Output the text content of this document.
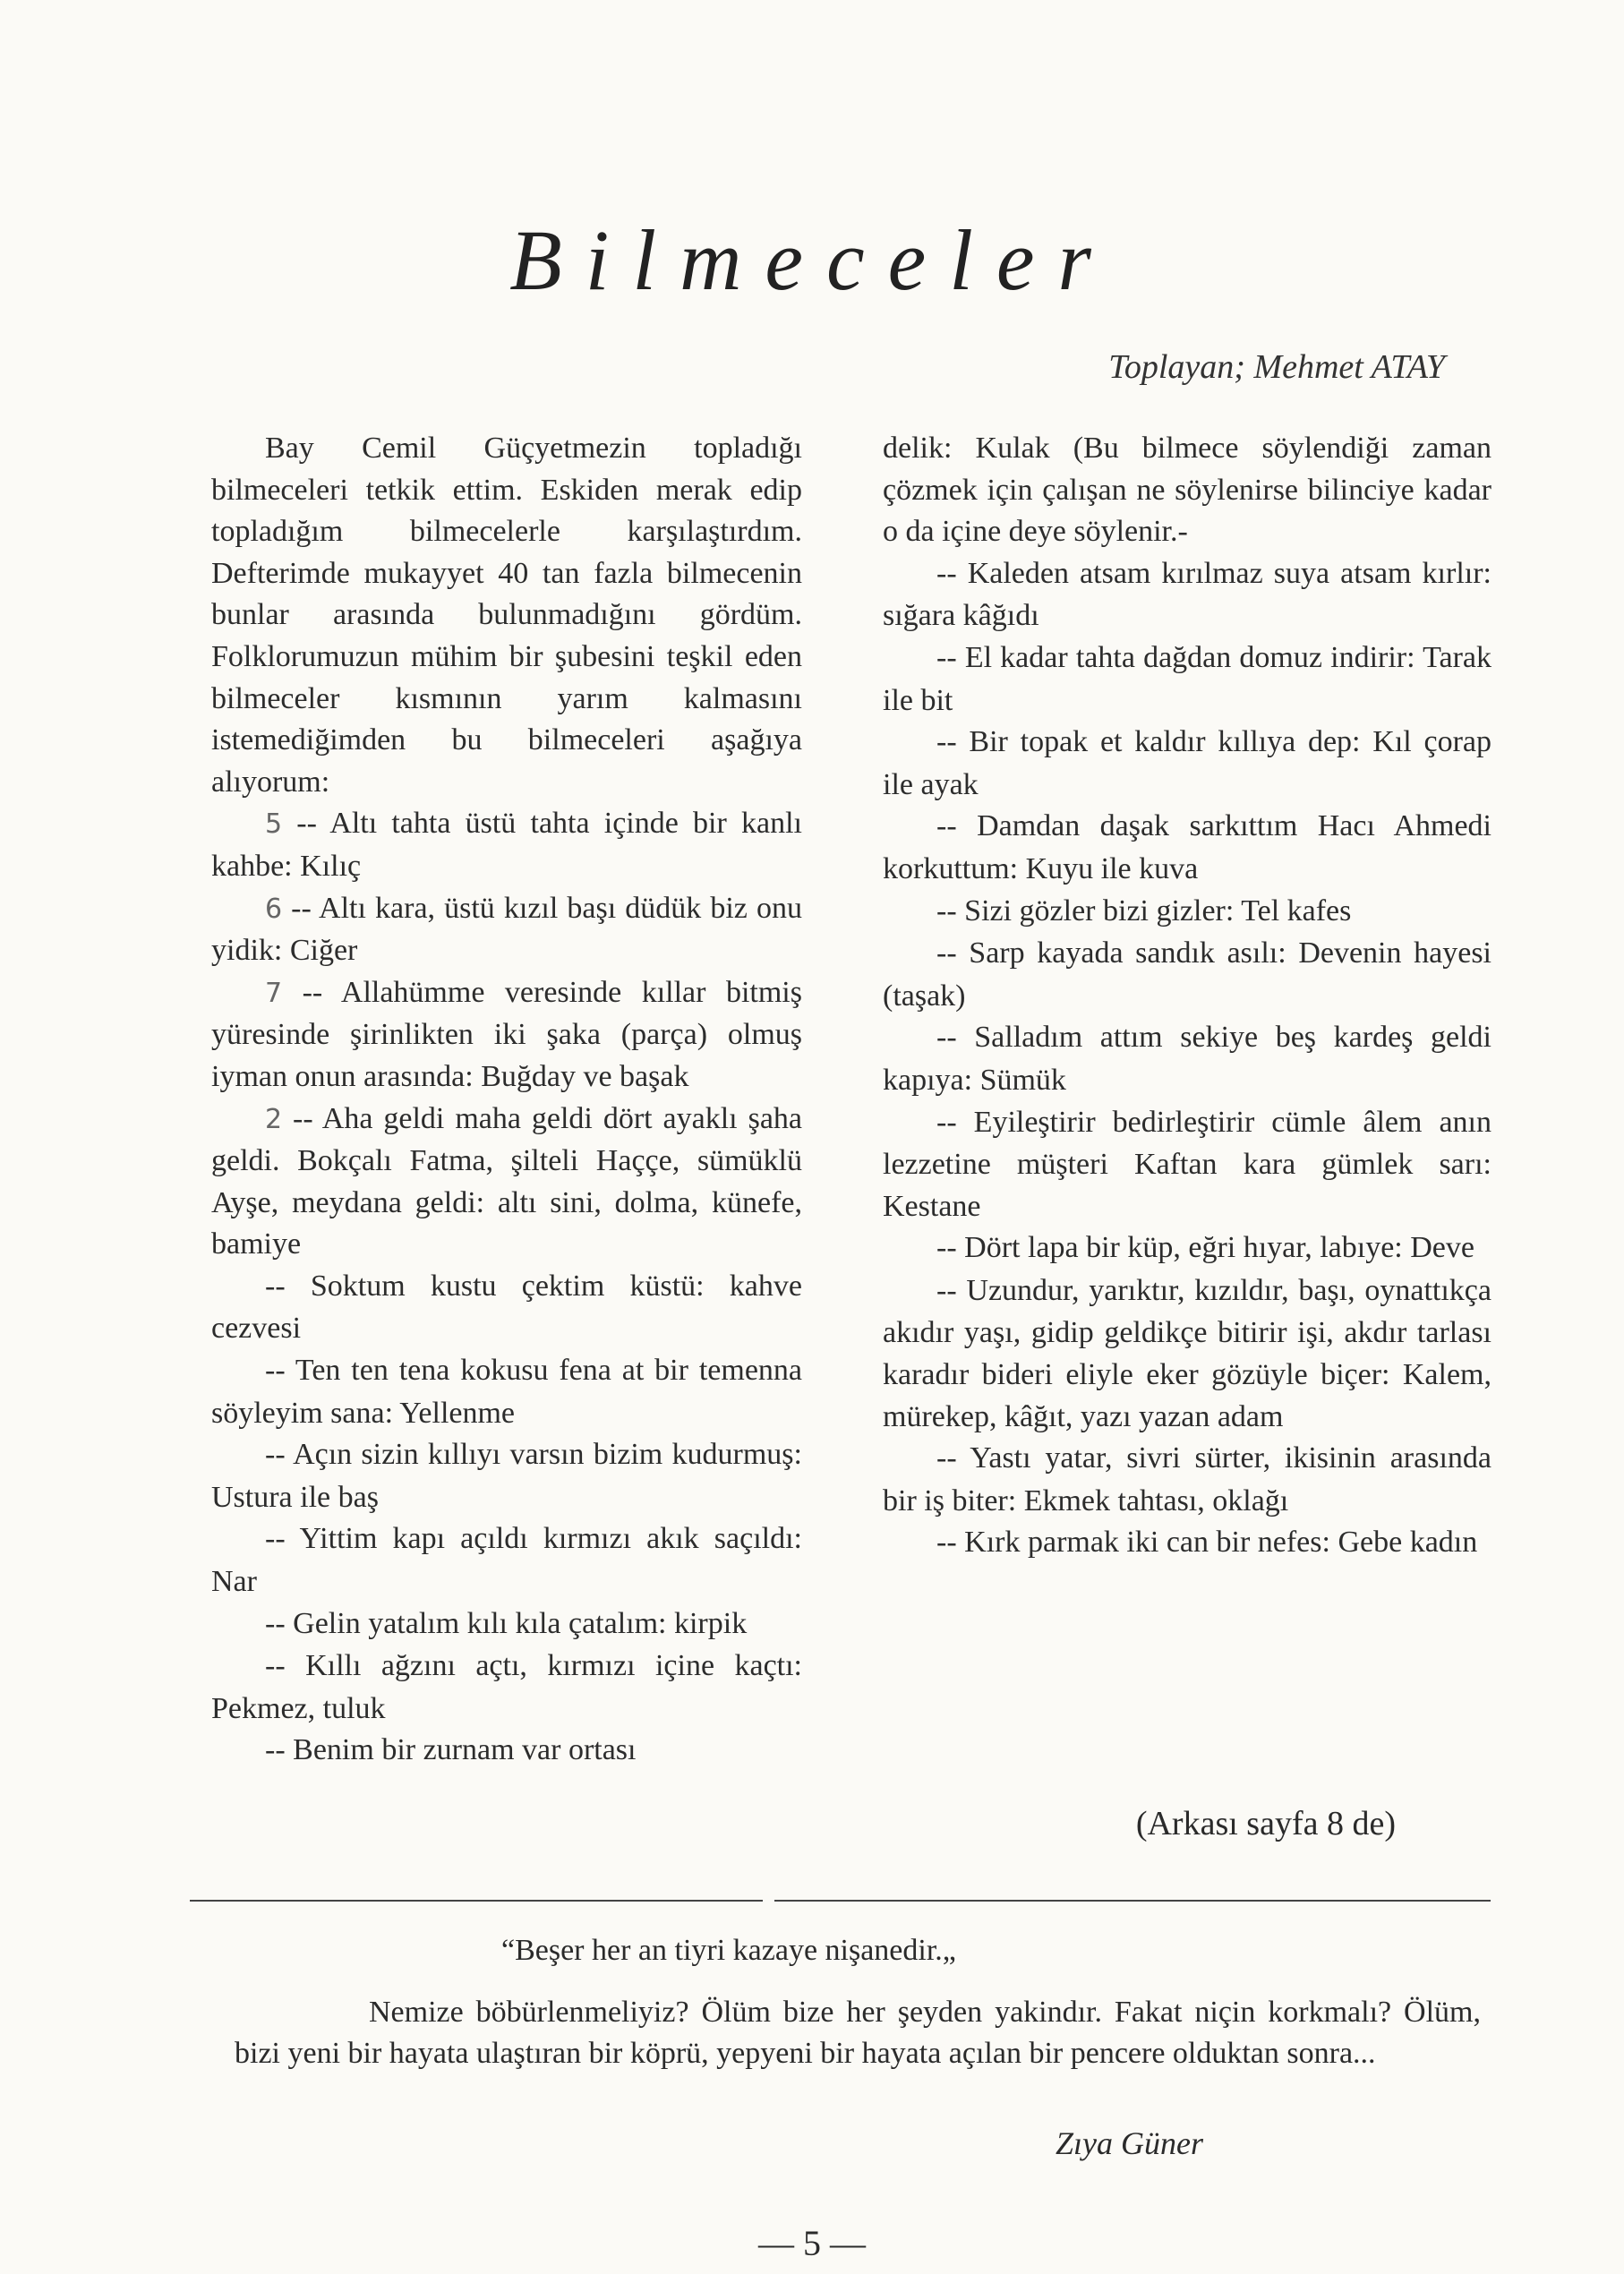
Bilmeceler
Toplayan; Mehmet ATAY

Bay Cemil Güçyetmezin topladığı bilmeceleri tetkik ettim. Eskiden merak edip topladığım bilmecelerle karşılaştırdım. Defterimde mukayyet 40 tan fazla bilmecenin bunlar arasında bulunmadığını gördüm. Folklorumuzun mühim bir şubesini teşkil eden bilmeceler kısmının yarım kalmasını istemediğimden bu bilmeceleri aşağıya alıyorum:

5 -- Altı tahta üstü tahta içinde bir kanlı kahbe: Kılıç

6 -- Altı kara, üstü kızıl başı düdük biz onu yidik: Ciğer

7 -- Allahümme veresinde kıllar bitmiş yüresinde şirinlikten iki şaka (parça) olmuş iyman onun arasında: Buğday ve başak

2 -- Aha geldi maha geldi dört ayaklı şaha geldi. Bokçalı Fatma, şilteli Haççe, sümüklü Ayşe, meydana geldi: altı sini, dolma, künefe, bamiye

-- Soktum kustu çektim küstü: kahve cezvesi

-- Ten ten tena kokusu fena at bir temenna söyleyim sana: Yellenme

-- Açın sizin kıllıyı varsın bizim kudurmuş: Ustura ile baş

-- Yittim kapı açıldı kırmızı akık saçıldı: Nar

-- Gelin yatalım kılı kıla çatalım: kirpik

-- Kıllı ağzını açtı, kırmızı içine kaçtı: Pekmez, tuluk

-- Benim bir zurnam var ortası

delik: Kulak (Bu bilmece söylendiği zaman çözmek için çalışan ne söylenirse bilinciye kadar o da içine deye söylenir.-

-- Kaleden atsam kırılmaz suya atsam kırlır: sığara kâğıdı

-- El kadar tahta dağdan domuz indirir: Tarak ile bit

-- Bir topak et kaldır kıllıya dep: Kıl çorap ile ayak

-- Damdan daşak sarkıttım Hacı Ahmedi korkuttum: Kuyu ile kuva

-- Sizi gözler bizi gizler: Tel kafes

-- Sarp kayada sandık asılı: Devenin hayesi (taşak)

-- Salladım attım sekiye beş kardeş geldi kapıya: Sümük

-- Eyileştirir bedirleştirir cümle âlem anın lezzetine müşteri Kaftan kara gümlek sarı: Kestane

-- Dört lapa bir küp, eğri hıyar, labıye: Deve

-- Uzundur, yarıktır, kızıldır, başı, oynattıkça akıdır yaşı, gidip geldikçe bitirir işi, akdır tarlası karadır bideri eliyle eker gözüyle biçer: Kalem, mürekep, kâğıt, yazı yazan adam

-- Yastı yatar, sivri sürter, ikisinin arasında bir iş biter: Ekmek tahtası, oklağı

-- Kırk parmak iki can bir nefes: Gebe kadın

(Arkası sayfa 8 de)
“Beşer her an tiyri kazaye nişanedir.„
Nemize böbürlenmeliyiz? Ölüm bize her şeyden yakindır. Fakat niçin korkmalı? Ölüm, bizi yeni bir hayata ulaştıran bir köprü, yepyeni bir hayata açılan bir pencere olduktan sonra...
Zıya Güner
— 5 —
